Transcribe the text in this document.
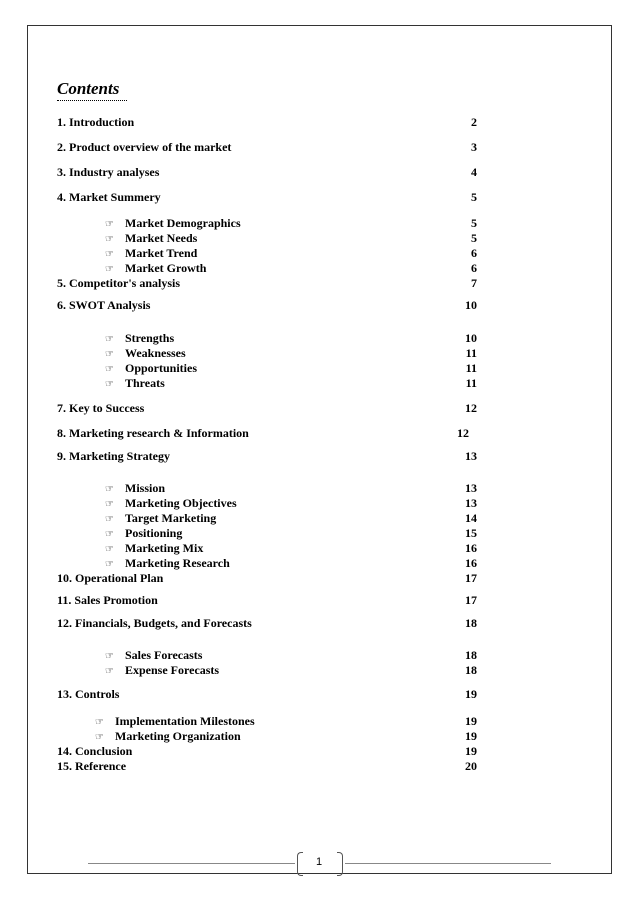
Contents
1. Introduction	2
2. Product overview of the market	3
3. Industry analyses	4
4. Market Summery	5
☞ Market Demographics	5
☞ Market Needs	5
☞ Market Trend	6
☞ Market Growth	6
5. Competitor's analysis	7
6. SWOT Analysis	10
☞ Strengths	10
☞ Weaknesses	11
☞ Opportunities	11
☞ Threats	11
7. Key to Success	12
8. Marketing research & Information	12
9. Marketing Strategy	13
☞ Mission	13
☞ Marketing Objectives	13
☞ Target Marketing	14
☞ Positioning	15
☞ Marketing Mix	16
☞ Marketing Research	16
10. Operational Plan	17
11. Sales Promotion	17
12. Financials, Budgets, and Forecasts	18
☞ Sales Forecasts	18
☞ Expense Forecasts	18
13. Controls	19
☞ Implementation Milestones	19
☞ Marketing Organization	19
14. Conclusion	19
15. Reference	20
1
